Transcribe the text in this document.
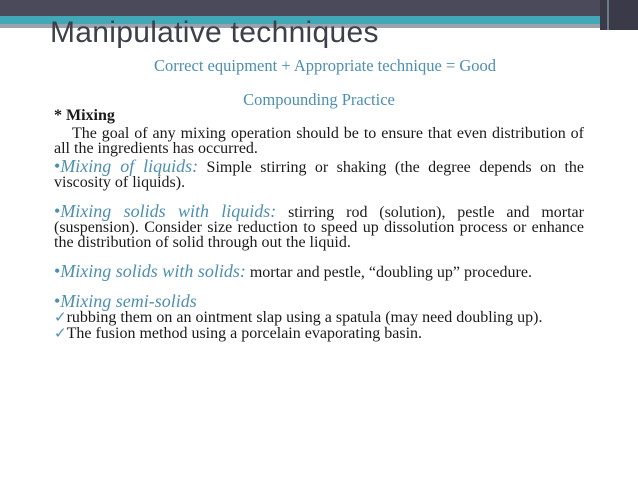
Manipulative techniques
Correct equipment + Appropriate technique = Good
Compounding Practice

* Mixing

The goal of any mixing operation should be to ensure that even distribution of all the ingredients has occurred.

•Mixing of liquids: Simple stirring or shaking (the degree depends on the viscosity of liquids).

•Mixing solids with liquids: stirring rod (solution), pestle and mortar (suspension). Consider size reduction to speed up dissolution process or enhance the distribution of solid through out the liquid.

•Mixing solids with solids: mortar and pestle, “doubling up” procedure.

•Mixing semi-solids

✓rubbing them on an ointment slap using a spatula (may need doubling up).

✓The fusion method using a porcelain evaporating basin.
